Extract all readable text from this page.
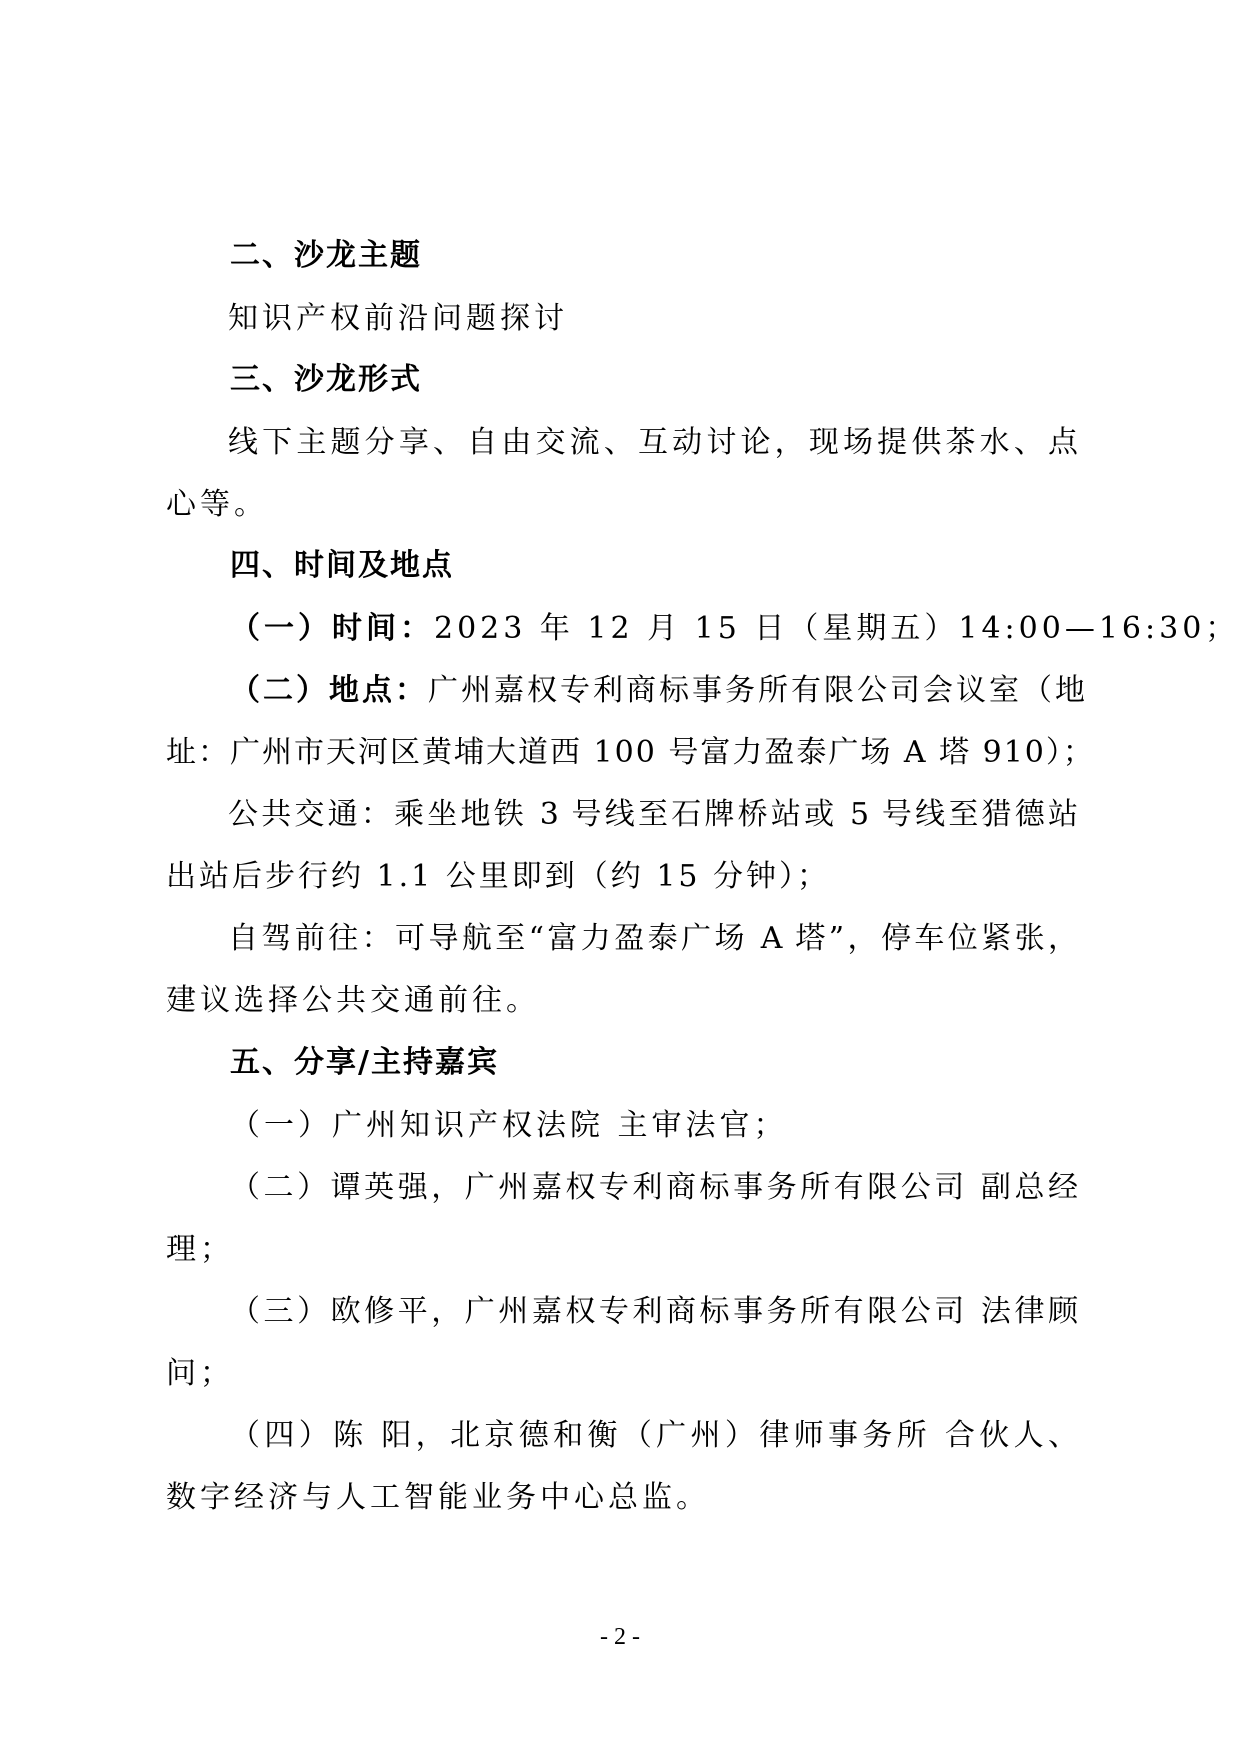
二、沙龙主题
知识产权前沿问题探讨
三、沙龙形式
线下主题分享、自由交流、互动讨论，现场提供茶水、点
心等。
四、时间及地点
（一）时间：2023 年 12 月 15 日（星期五）14:00—16:30；
（二）地点：广州嘉权专利商标事务所有限公司会议室（地
址：广州市天河区黄埔大道西 100 号富力盈泰广场 A 塔 910）；
公共交通：乘坐地铁 3 号线至石牌桥站或 5 号线至猎德站
出站后步行约 1.1 公里即到（约 15 分钟）；
自驾前往：可导航至“富力盈泰广场 A 塔”，停车位紧张，
建议选择公共交通前往。
五、分享/主持嘉宾
（一）广州知识产权法院 主审法官；
（二）谭英强，广州嘉权专利商标事务所有限公司 副总经
理；
（三）欧修平，广州嘉权专利商标事务所有限公司 法律顾
问；
（四）陈 阳，北京德和衡（广州）律师事务所 合伙人、
数字经济与人工智能业务中心总监。
- 2 -
